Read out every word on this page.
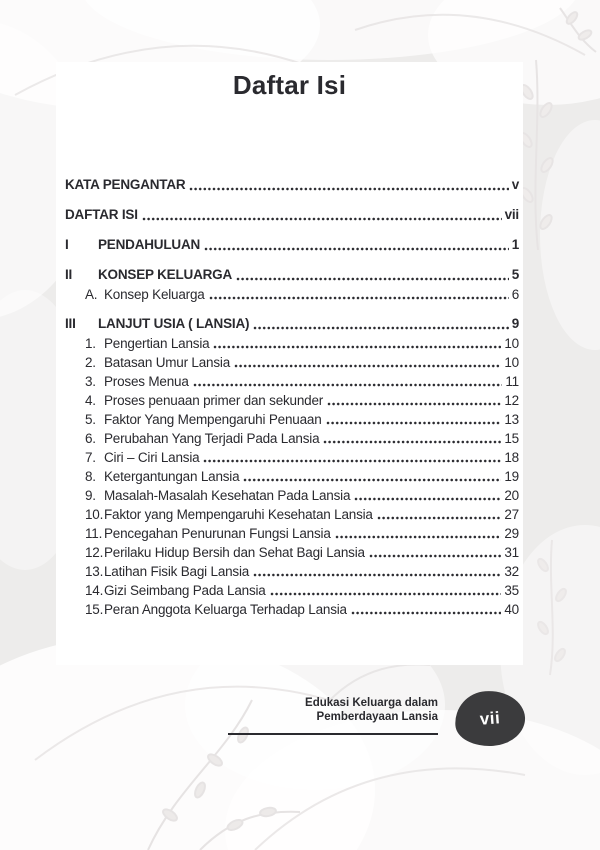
Daftar Isi
KATA PENGANTAR	v
DAFTAR ISI	vii
I	PENDAHULUAN	1
II	KONSEP KELUARGA	5
A. Konsep Keluarga	6
III	LANJUT USIA ( LANSIA)	9
1. Pengertian Lansia	10
2. Batasan Umur Lansia	10
3. Proses Menua	11
4. Proses penuaan primer dan sekunder	12
5. Faktor Yang Mempengaruhi Penuaan	13
6. Perubahan Yang Terjadi Pada Lansia	15
7. Ciri – Ciri Lansia	18
8. Ketergantungan Lansia	19
9. Masalah-Masalah Kesehatan Pada Lansia	20
10. Faktor yang Mempengaruhi Kesehatan Lansia	27
11. Pencegahan Penurunan Fungsi Lansia	29
12. Perilaku Hidup Bersih dan Sehat Bagi Lansia	31
13. Latihan Fisik Bagi Lansia	32
14. Gizi Seimbang Pada Lansia	35
15. Peran Anggota Keluarga Terhadap Lansia	40
Edukasi Keluarga dalam
Pemberdayaan Lansia vii
